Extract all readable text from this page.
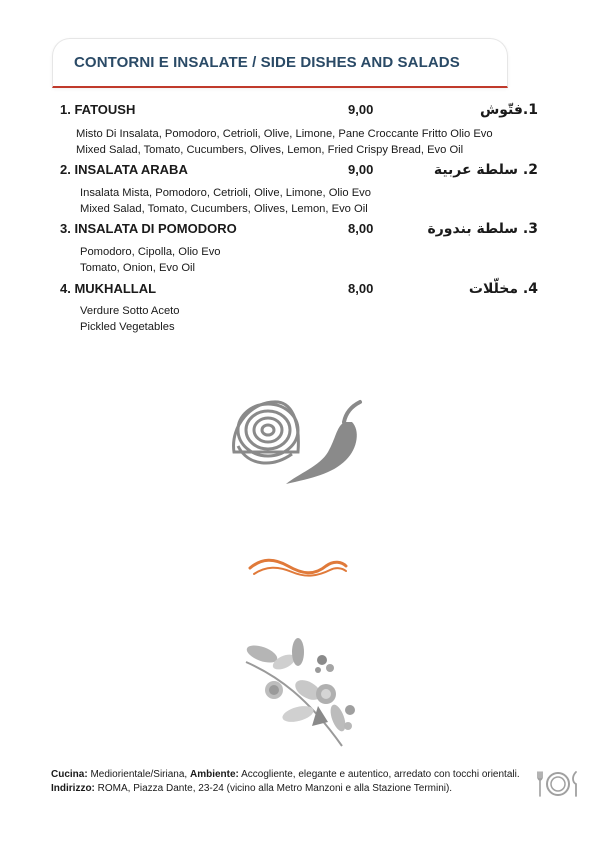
CONTORNI E INSALATE / SIDE DISHES AND SALADS
1. FATOUSH	9,00	1.فتّوش
Misto Di Insalata, Pomodoro, Cetrioli, Olive, Limone, Pane Croccante Fritto Olio Evo
Mixed Salad, Tomato, Cucumbers, Olives, Lemon, Fried Crispy Bread, Evo Oil
2. INSALATA ARABA	9,00	2. سلطة عربية
Insalata Mista, Pomodoro, Cetrioli, Olive, Limone, Olio Evo
Mixed Salad, Tomato, Cucumbers, Olives, Lemon, Evo Oil
3. INSALATA DI POMODORO	8,00	3. سلطة بندورة
Pomodoro, Cipolla, Olio Evo
Tomato, Onion, Evo Oil
4. MUKHALLAL	8,00	4. مخلّلات
Verdure Sotto Aceto
Pickled Vegetables
Cucina: Mediorientale/Siriana, Ambiente: Accogliente, elegante e autentico, arredato con tocchi orientali. Indirizzo: ROMA, Piazza Dante, 23-24 (vicino alla Metro Manzoni e alla Stazione Termini).
